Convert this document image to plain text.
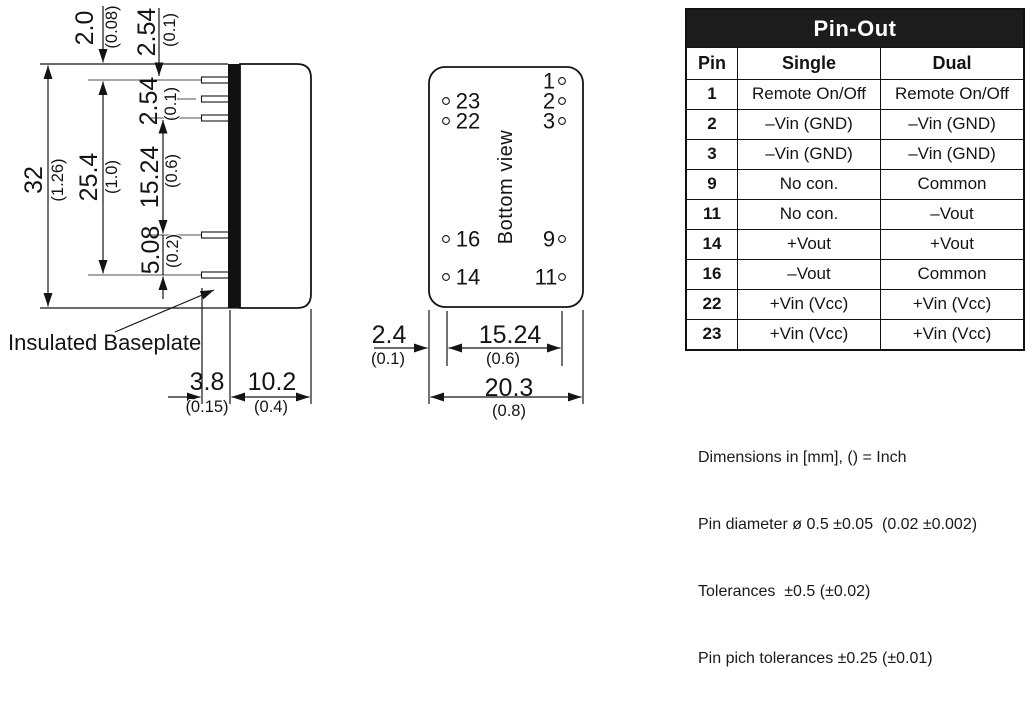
32 (1.26)
2.0 (0.08)
25.4 (1.0)
2.54 (0.1)
2.54 (0.1)
15.24 (0.6)
5.08 (0.2)
3.8
(0.15)
10.2
(0.4)
Insulated Baseplate
Bottom view
23
22
16
14
1
2
3
9
11
2.4
(0.1)
15.24
(0.6)
20.3
(0.8)
Pin-Out
Pin	Single	Dual
1	Remote On/Off	Remote On/Off
2	–Vin (GND)	–Vin (GND)
3	–Vin (GND)	–Vin (GND)
9	No con.	Common
11	No con.	–Vout
14	+Vout	+Vout
16	–Vout	Common
22	+Vin (Vcc)	+Vin (Vcc)
23	+Vin (Vcc)	+Vin (Vcc)

Dimensions in [mm], () = Inch

Pin diameter ø 0.5 ±0.05  (0.02 ±0.002)

Tolerances  ±0.5 (±0.02)

Pin pich tolerances ±0.25 (±0.01)
